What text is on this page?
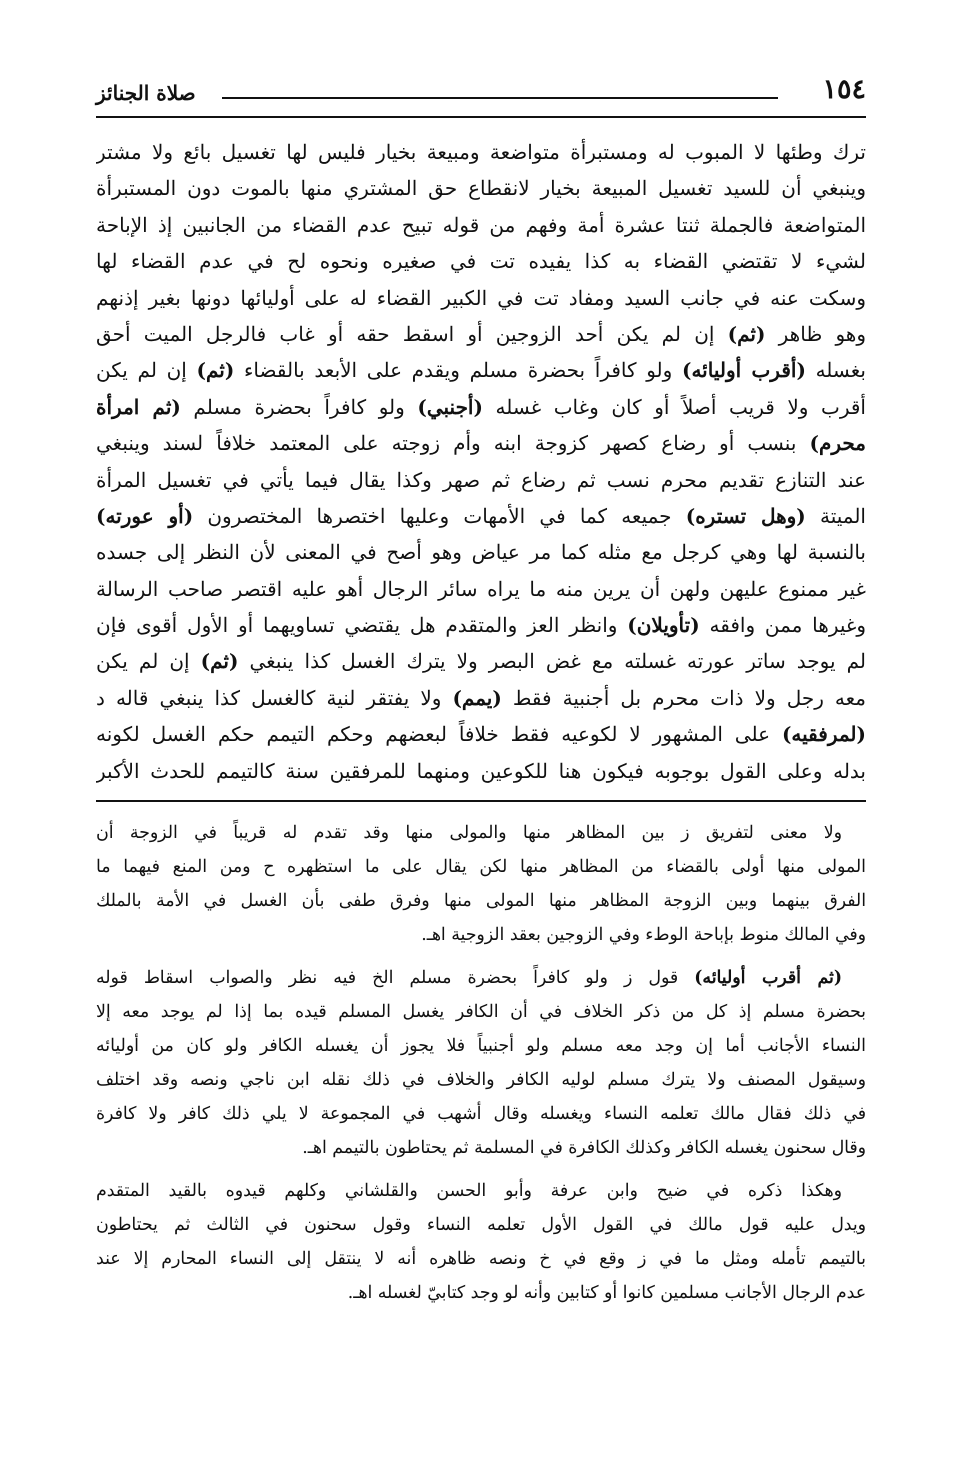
١٥٤
صلاة الجنائز
ترك وطئها لا المبوب له ومستبرأة متواضعة ومبيعة بخيار فليس لها تغسيل بائع ولا مشتر
وينبغي أن للسيد تغسيل المبيعة بخيار لانقطاع حق المشتري منها بالموت دون المستبرأة
المتواضعة فالجملة ثنتا عشرة أمة وفهم من قوله تبيح عدم القضاء من الجانبين إذ الإباحة
لشيء لا تقتضي القضاء به كذا يفيده تت في صغيره ونحوه لح في عدم القضاء لها
وسكت عنه في جانب السيد ومفاد تت في الكبير القضاء له على أوليائها دونها بغير إذنهم
وهو ظاهر (ثم) إن لم يكن أحد الزوجين أو اسقط حقه أو غاب فالرجل الميت أحق
بغسله (أقرب أوليائه) ولو كافراً بحضرة مسلم ويقدم على الأبعد بالقضاء (ثم) إن لم يكن
أقرب ولا قريب أصلاً أو كان وغاب غسله (أجنبي) ولو كافراً بحضرة مسلم (ثم امرأة
محرم) بنسب أو رضاع كصهر كزوجة ابنه وأم زوجته على المعتمد خلافاً لسند وينبغي
عند التنازع تقديم محرم نسب ثم رضاع ثم صهر وكذا يقال فيما يأتي في تغسيل المرأة
الميتة (وهل تستره) جميعه كما في الأمهات وعليها اختصرها المختصرون (أو عورته)
بالنسبة لها وهي كرجل مع مثله كما مر عياض وهو أصح في المعنى لأن النظر إلى جسده
غير ممنوع عليهن ولهن أن يرين منه ما يراه سائر الرجال أهو عليه اقتصر صاحب الرسالة
وغيرها ممن وافقه (تأويلان) وانظر العز والمتقدم هل يقتضي تساويهما أو الأول أقوى فإن
لم يوجد ساتر عورته غسلته مع غض البصر ولا يترك الغسل كذا ينبغي (ثم) إن لم يكن
معه رجل ولا ذات محرم بل أجنبية فقط (يمم) ولا يفتقر لنية كالغسل كذا ينبغي قاله د
(لمرفقيه) على المشهور لا لكوعيه فقط خلافاً لبعضهم وحكم التيمم حكم الغسل لكونه
بدله وعلى القول بوجوبه فيكون هنا للكوعين ومنهما للمرفقين سنة كالتيمم للحدث الأكبر
ولا معنى لتفريق ز بين المظاهر منها والمولى منها وقد تقدم له قريباً في الزوجة أن
المولى منها أولى بالقضاء من المظاهر منها لكن يقال على ما استظهره ح ومن المنع فيهما ما
الفرق بينهما وبين الزوجة المظاهر منها المولى منها وفرق طفى بأن الغسل في الأمة بالملك
وفي المالك منوط بإباحة الوطء وفي الزوجين بعقد الزوجية اهـ.
(ثم أقرب أوليائه) قول ز ولو كافراً بحضرة مسلم الخ فيه نظر والصواب اسقاط قوله
بحضرة مسلم إذ كل من ذكر الخلاف في أن الكافر يغسل المسلم قيده بما إذا لم يوجد معه إلا
النساء الأجانب أما إن وجد معه مسلم ولو أجنبياً فلا يجوز أن يغسله الكافر ولو كان من أوليائه
وسيقول المصنف ولا يترك مسلم لوليه الكافر والخلاف في ذلك نقله ابن ناجي ونصه وقد اختلف
في ذلك فقال مالك تعلمه النساء ويغسله وقال أشهب في المجموعة لا يلي ذلك كافر ولا كافرة
وقال سحنون يغسله الكافر وكذلك الكافرة في المسلمة ثم يحتاطون بالتيمم اهـ.
وهكذا ذكره في ضيح وابن عرفة وأبو الحسن والقلشاني وكلهم قيدوه بالقيد المتقدم
ويدل عليه قول مالك في القول الأول تعلمه النساء وقول سحنون في الثالث ثم يحتاطون
بالتيمم تأمله ومثل ما في ز وقع في خ ونصه ظاهره أنه لا ينتقل إلى النساء المحارم إلا عند
عدم الرجال الأجانب مسلمين كانوا أو كتابين وأنه لو وجد كتابيّ لغسله اهـ.
